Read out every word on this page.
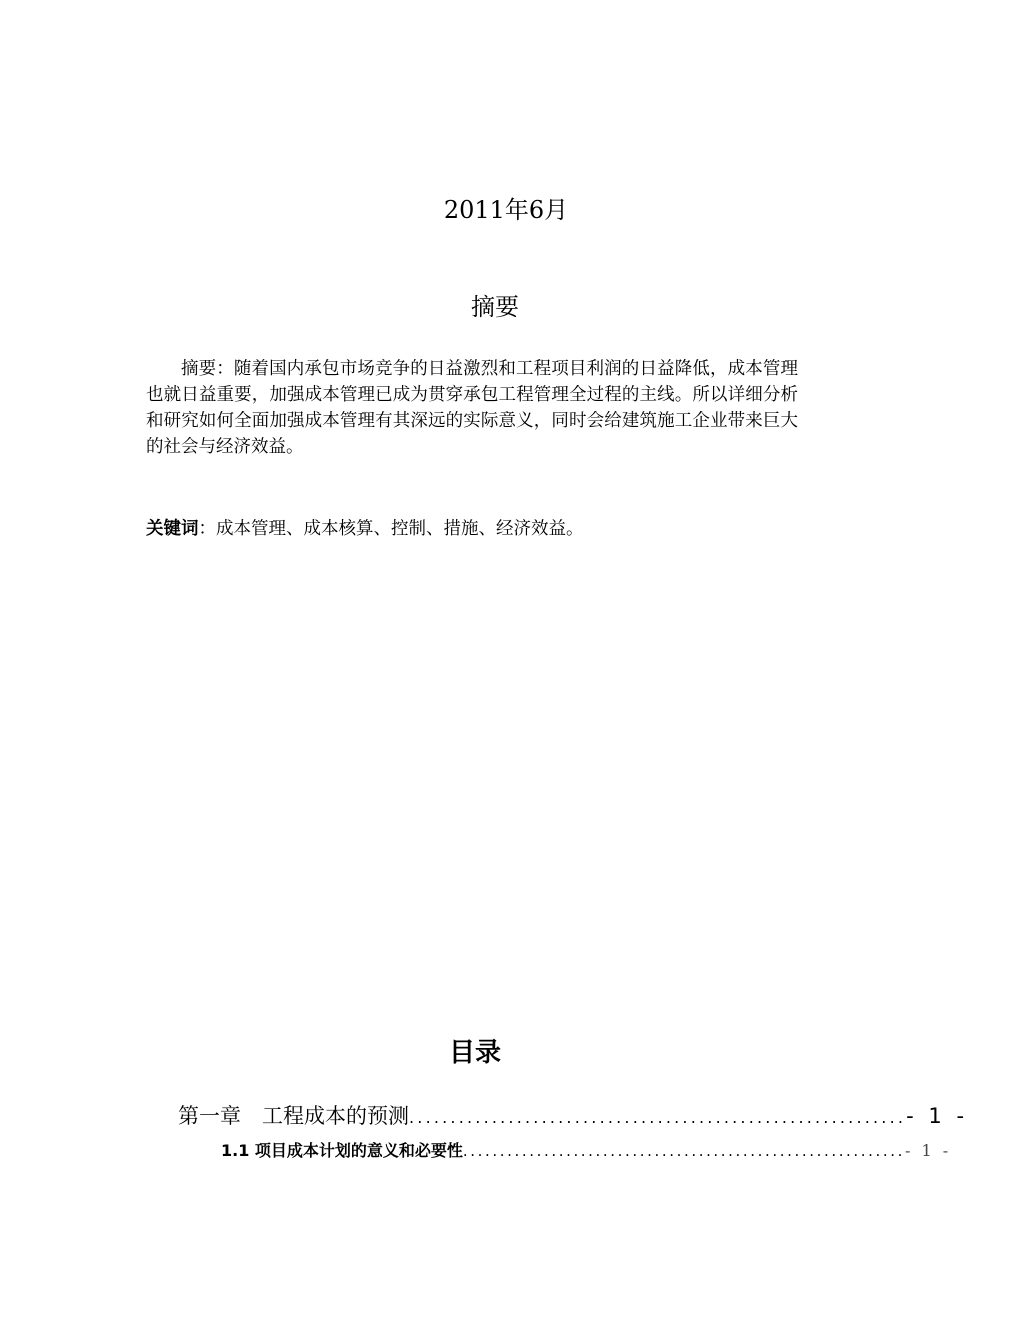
2011年6月
摘要

摘要：随着国内承包市场竞争的日益激烈和工程项目利润的日益降低，成本管理也就日益重要，加强成本管理已成为贯穿承包工程管理全过程的主线。所以详细分析和研究如何全面加强成本管理有其深远的实际意义，同时会给建筑施工企业带来巨大的社会与经济效益。

关键词：成本管理、成本核算、控制、措施、经济效益。
目录
第一章　工程成本的预测 ............................................................ - 1 -
1.1 项目成本计划的意义和必要性 ............................................................ - 1 -
